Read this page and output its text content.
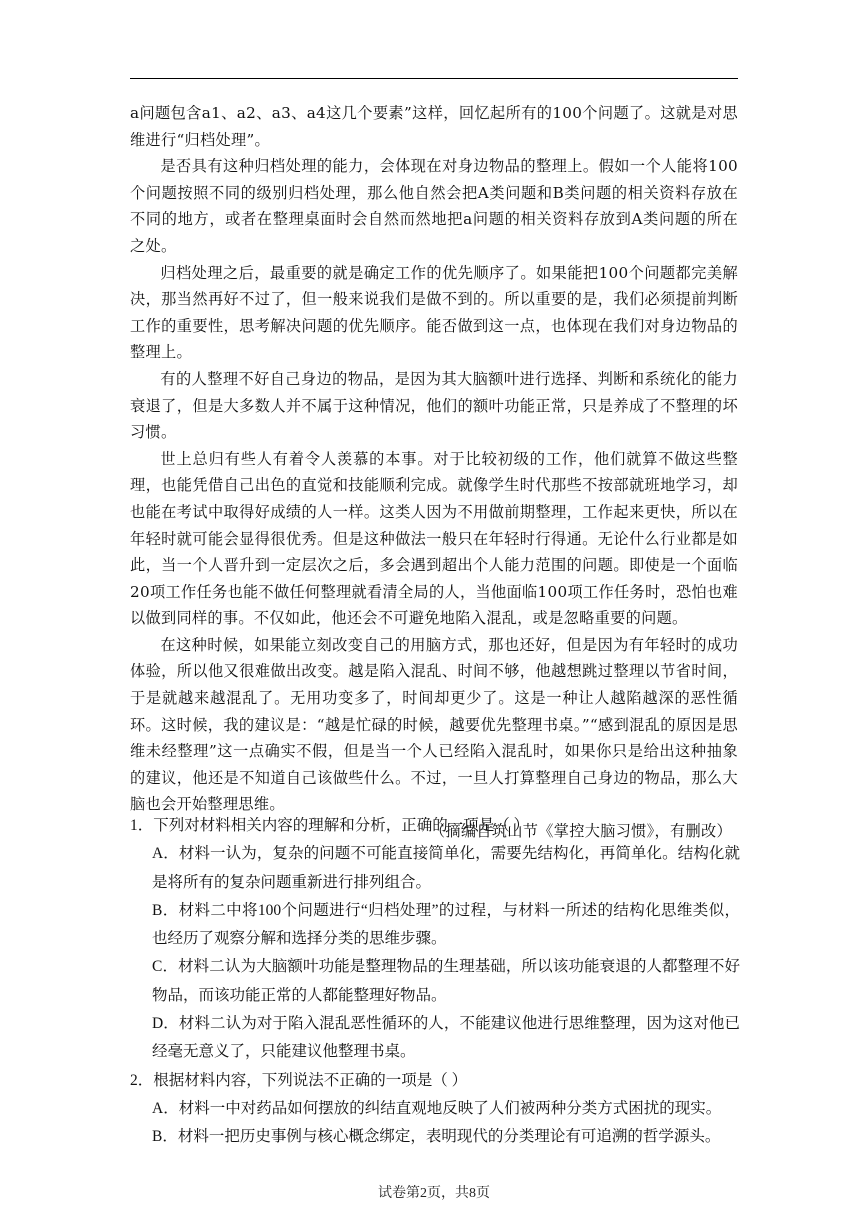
a问题包含a1、a2、a3、a4这几个要素”这样，回忆起所有的100个问题了。这就是对思维进行“归档处理”。

是否具有这种归档处理的能力，会体现在对身边物品的整理上。假如一个人能将100个问题按照不同的级别归档处理，那么他自然会把A类问题和B类问题的相关资料存放在不同的地方，或者在整理桌面时会自然而然地把a问题的相关资料存放到A类问题的所在之处。

归档处理之后，最重要的就是确定工作的优先顺序了。如果能把100个问题都完美解决，那当然再好不过了，但一般来说我们是做不到的。所以重要的是，我们必须提前判断工作的重要性，思考解决问题的优先顺序。能否做到这一点，也体现在我们对身边物品的整理上。

有的人整理不好自己身边的物品，是因为其大脑额叶进行选择、判断和系统化的能力衰退了，但是大多数人并不属于这种情况，他们的额叶功能正常，只是养成了不整理的坏习惯。

世上总归有些人有着令人羡慕的本事。对于比较初级的工作，他们就算不做这些整理，也能凭借自己出色的直觉和技能顺利完成。就像学生时代那些不按部就班地学习，却也能在考试中取得好成绩的人一样。这类人因为不用做前期整理，工作起来更快，所以在年轻时就可能会显得很优秀。但是这种做法一般只在年轻时行得通。无论什么行业都是如此，当一个人晋升到一定层次之后，多会遇到超出个人能力范围的问题。即使是一个面临20项工作任务也能不做任何整理就看清全局的人，当他面临100项工作任务时，恐怕也难以做到同样的事。不仅如此，他还会不可避免地陷入混乱，或是忽略重要的问题。

在这种时候，如果能立刻改变自己的用脑方式，那也还好，但是因为有年轻时的成功体验，所以他又很难做出改变。越是陷入混乱、时间不够，他越想跳过整理以节省时间，于是就越来越混乱了。无用功变多了，时间却更少了。这是一种让人越陷越深的恶性循环。这时候，我的建议是：“越是忙碌的时候，越要优先整理书桌。”“感到混乱的原因是思维未经整理”这一点确实不假，但是当一个人已经陷入混乱时，如果你只是给出这种抽象的建议，他还是不知道自己该做些什么。不过，一旦人打算整理自己身边的物品，那么大脑也会开始整理思维。

（摘编自筑山节《掌控大脑习惯》，有删改）

1．下列对材料相关内容的理解和分析，正确的一项是（ ）

A．材料一认为，复杂的问题不可能直接简单化，需要先结构化，再简单化。结构化就是将所有的复杂问题重新进行排列组合。

B．材料二中将100个问题进行“归档处理”的过程，与材料一所述的结构化思维类似，也经历了观察分解和选择分类的思维步骤。

C．材料二认为大脑额叶功能是整理物品的生理基础，所以该功能衰退的人都整理不好物品，而该功能正常的人都能整理好物品。

D．材料二认为对于陷入混乱恶性循环的人，不能建议他进行思维整理，因为这对他已经毫无意义了，只能建议他整理书桌。

2．根据材料内容，下列说法不正确的一项是（ ）

A．材料一中对药品如何摆放的纠结直观地反映了人们被两种分类方式困扰的现实。

B．材料一把历史事例与核心概念绑定，表明现代的分类理论有可追溯的哲学源头。

试卷第2页，共8页
